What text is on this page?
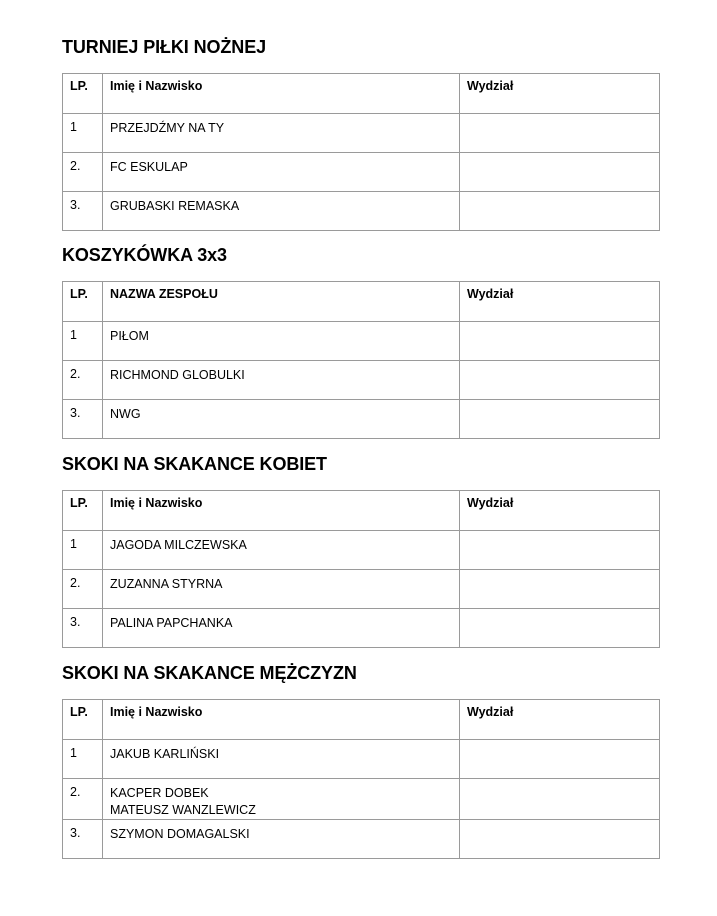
TURNIEJ PIŁKI NOŻNEJ
LP.	Imię i Nazwisko	Wydział
1	PRZEJDŹMY NA TY	

2.	FC ESKULAP	

3.	GRUBASKI REMASKA	

KOSZYKÓWKA 3x3
LP.	NAZWA ZESPOŁU	Wydział
1	PIŁOM	

2.	RICHMOND GLOBULKI	

3.	NWG	

SKOKI NA SKAKANCE KOBIET
LP.	Imię i Nazwisko	Wydział
1	JAGODA MILCZEWSKA	

2.	ZUZANNA STYRNA	

3.	PALINA PAPCHANKA	

SKOKI NA SKAKANCE MĘŻCZYZN
LP.	Imię i Nazwisko	Wydział
1	JAKUB KARLIŃSKI	

2.	KACPER DOBEK
MATEUSZ WANZLEWICZ	

3.	SZYMON DOMAGALSKI	
